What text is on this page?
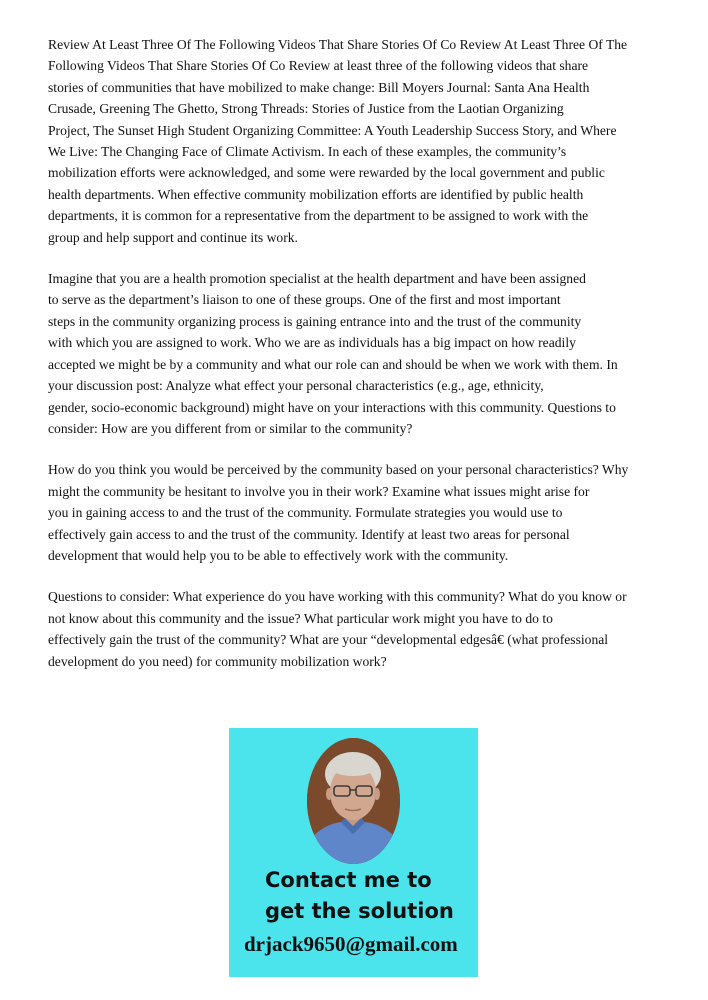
Review At Least Three Of The Following Videos That Share Stories Of Co Review At Least Three Of The
Following Videos That Share Stories Of Co Review at least three of the following videos that share
stories of communities that have mobilized to make change: Bill Moyers Journal: Santa Ana Health
Crusade, Greening The Ghetto, Strong Threads: Stories of Justice from the Laotian Organizing
Project, The Sunset High Student Organizing Committee: A Youth Leadership Success Story, and Where
We Live: The Changing Face of Climate Activism. In each of these examples, the community’s
mobilization efforts were acknowledged, and some were rewarded by the local government and public
health departments. When effective community mobilization efforts are identified by public health
departments, it is common for a representative from the department to be assigned to work with the
group and help support and continue its work.

Imagine that you are a health promotion specialist at the health department and have been assigned
to serve as the department’s liaison to one of these groups. One of the first and most important
steps in the community organizing process is gaining entrance into and the trust of the community
with which you are assigned to work. Who we are as individuals has a big impact on how readily
accepted we might be by a community and what our role can and should be when we work with them. In
your discussion post: Analyze what effect your personal characteristics (e.g., age, ethnicity,
gender, socio-economic background) might have on your interactions with this community. Questions to
consider: How are you different from or similar to the community?

How do you think you would be perceived by the community based on your personal characteristics? Why
might the community be hesitant to involve you in their work? Examine what issues might arise for
you in gaining access to and the trust of the community. Formulate strategies you would use to
effectively gain access to and the trust of the community. Identify at least two areas for personal
development that would help you to be able to effectively work with the community.

Questions to consider: What experience do you have working with this community? What do you know or
not know about this community and the issue? What particular work might you have to do to
effectively gain the trust of the community? What are your “developmental edgesâ€ (what professional
development do you need) for community mobilization work?

Contact me to
get the solution
drjack9650@gmail.com
